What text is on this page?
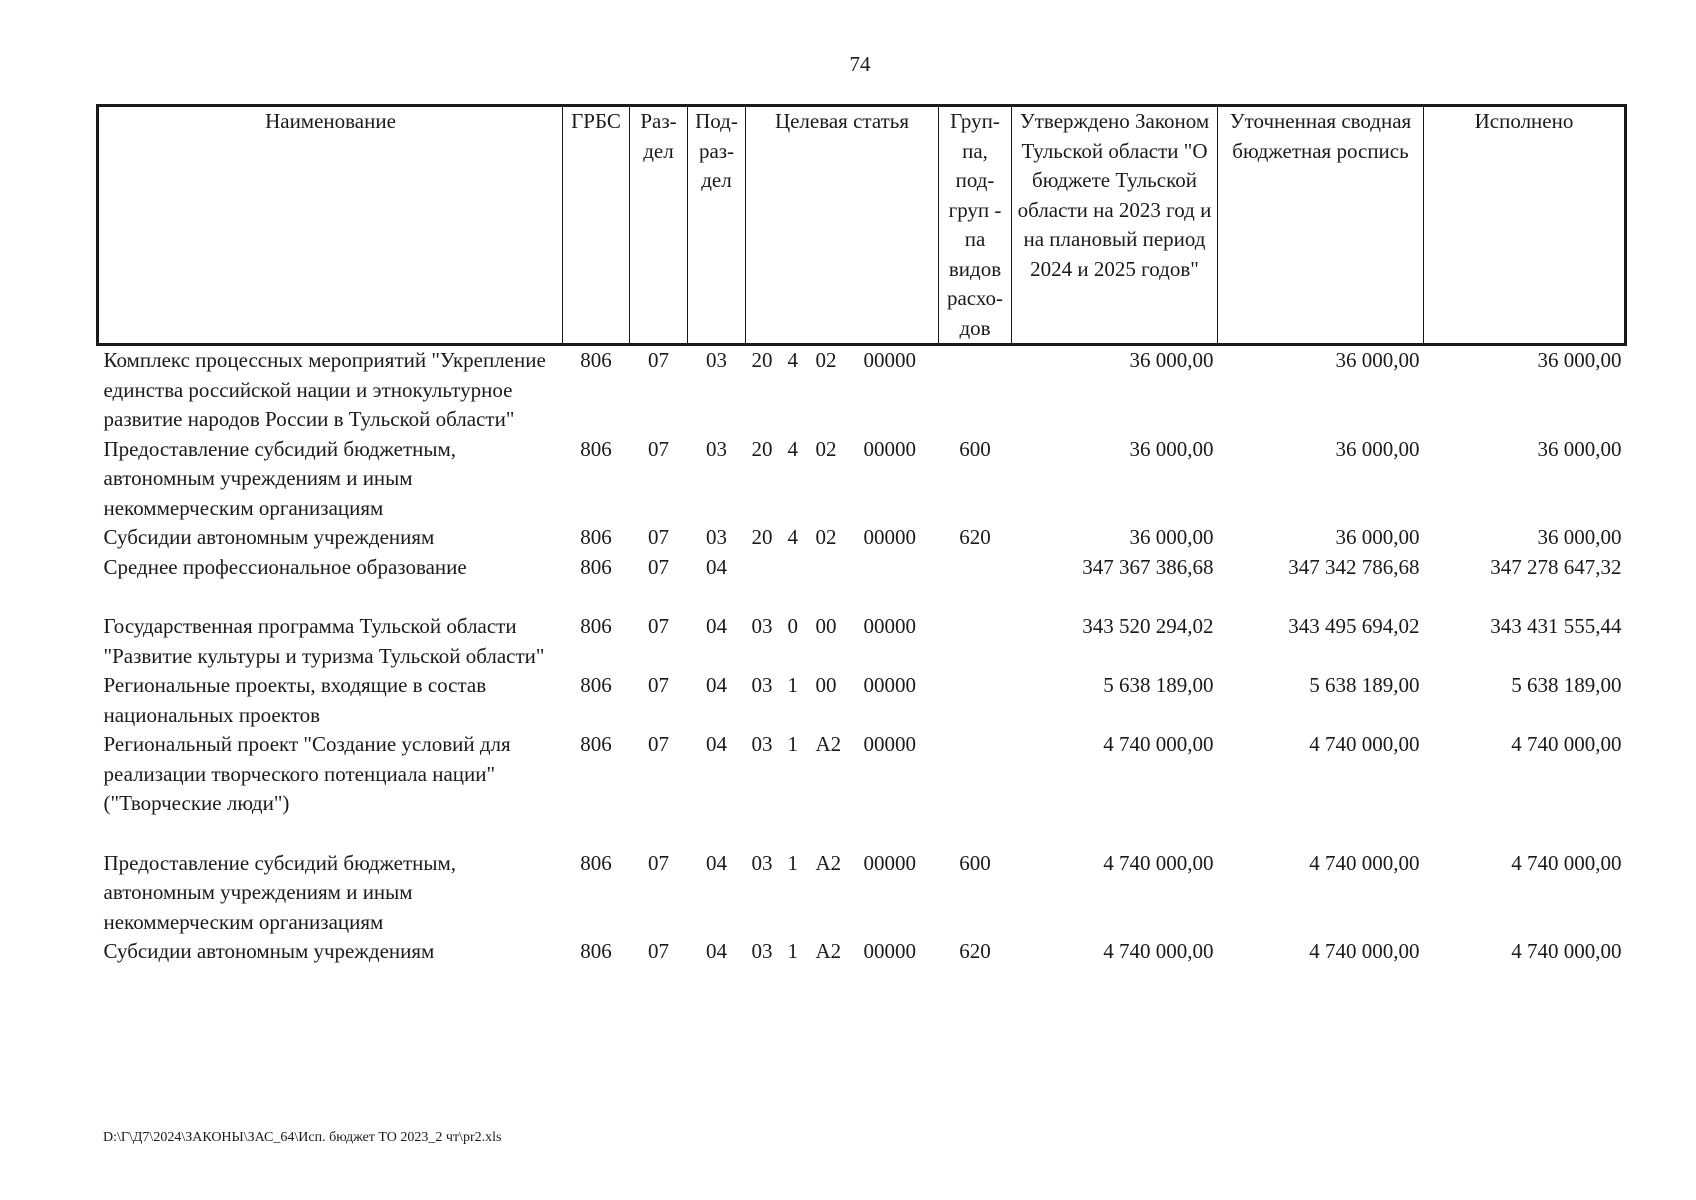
74
Наименование	ГРБС	Раз-дел	Под-раз-дел	Целевая статья	Груп-па, под-груп - па видов расхо-дов	Утверждено Законом Тульской области "О бюджете Тульской области на 2023 год и на плановый период 2024 и 2025 годов"	Уточненная сводная бюджетная роспись	Исполнено
Комплекс процессных мероприятий "Укрепление единства российской нации и этнокультурное развитие народов России в Тульской области"	806	07	03	20 4 02 00000		36 000,00	36 000,00	36 000,00
Предоставление субсидий бюджетным, автономным учреждениям и иным некоммерческим организациям	806	07	03	20 4 02 00000	600	36 000,00	36 000,00	36 000,00
Субсидии автономным учреждениям	806	07	03	20 4 02 00000	620	36 000,00	36 000,00	36 000,00
Среднее профессиональное образование	806	07	04			347 367 386,68	347 342 786,68	347 278 647,32
Государственная программа Тульской области "Развитие культуры и туризма Тульской области"	806	07	04	03 0 00 00000		343 520 294,02	343 495 694,02	343 431 555,44
Региональные проекты, входящие в состав национальных проектов	806	07	04	03 1 00 00000		5 638 189,00	5 638 189,00	5 638 189,00
Региональный проект "Создание условий для реализации творческого потенциала нации" ("Творческие люди")	806	07	04	03 1 А2 00000		4 740 000,00	4 740 000,00	4 740 000,00
Предоставление субсидий бюджетным, автономным учреждениям и иным некоммерческим организациям	806	07	04	03 1 А2 00000	600	4 740 000,00	4 740 000,00	4 740 000,00
Субсидии автономным учреждениям	806	07	04	03 1 А2 00000	620	4 740 000,00	4 740 000,00	4 740 000,00
D:\Г\Д7\2024\ЗАКОНЫ\ЗАС_64\Исп. бюджет ТО 2023_2 чт\pr2.xls
